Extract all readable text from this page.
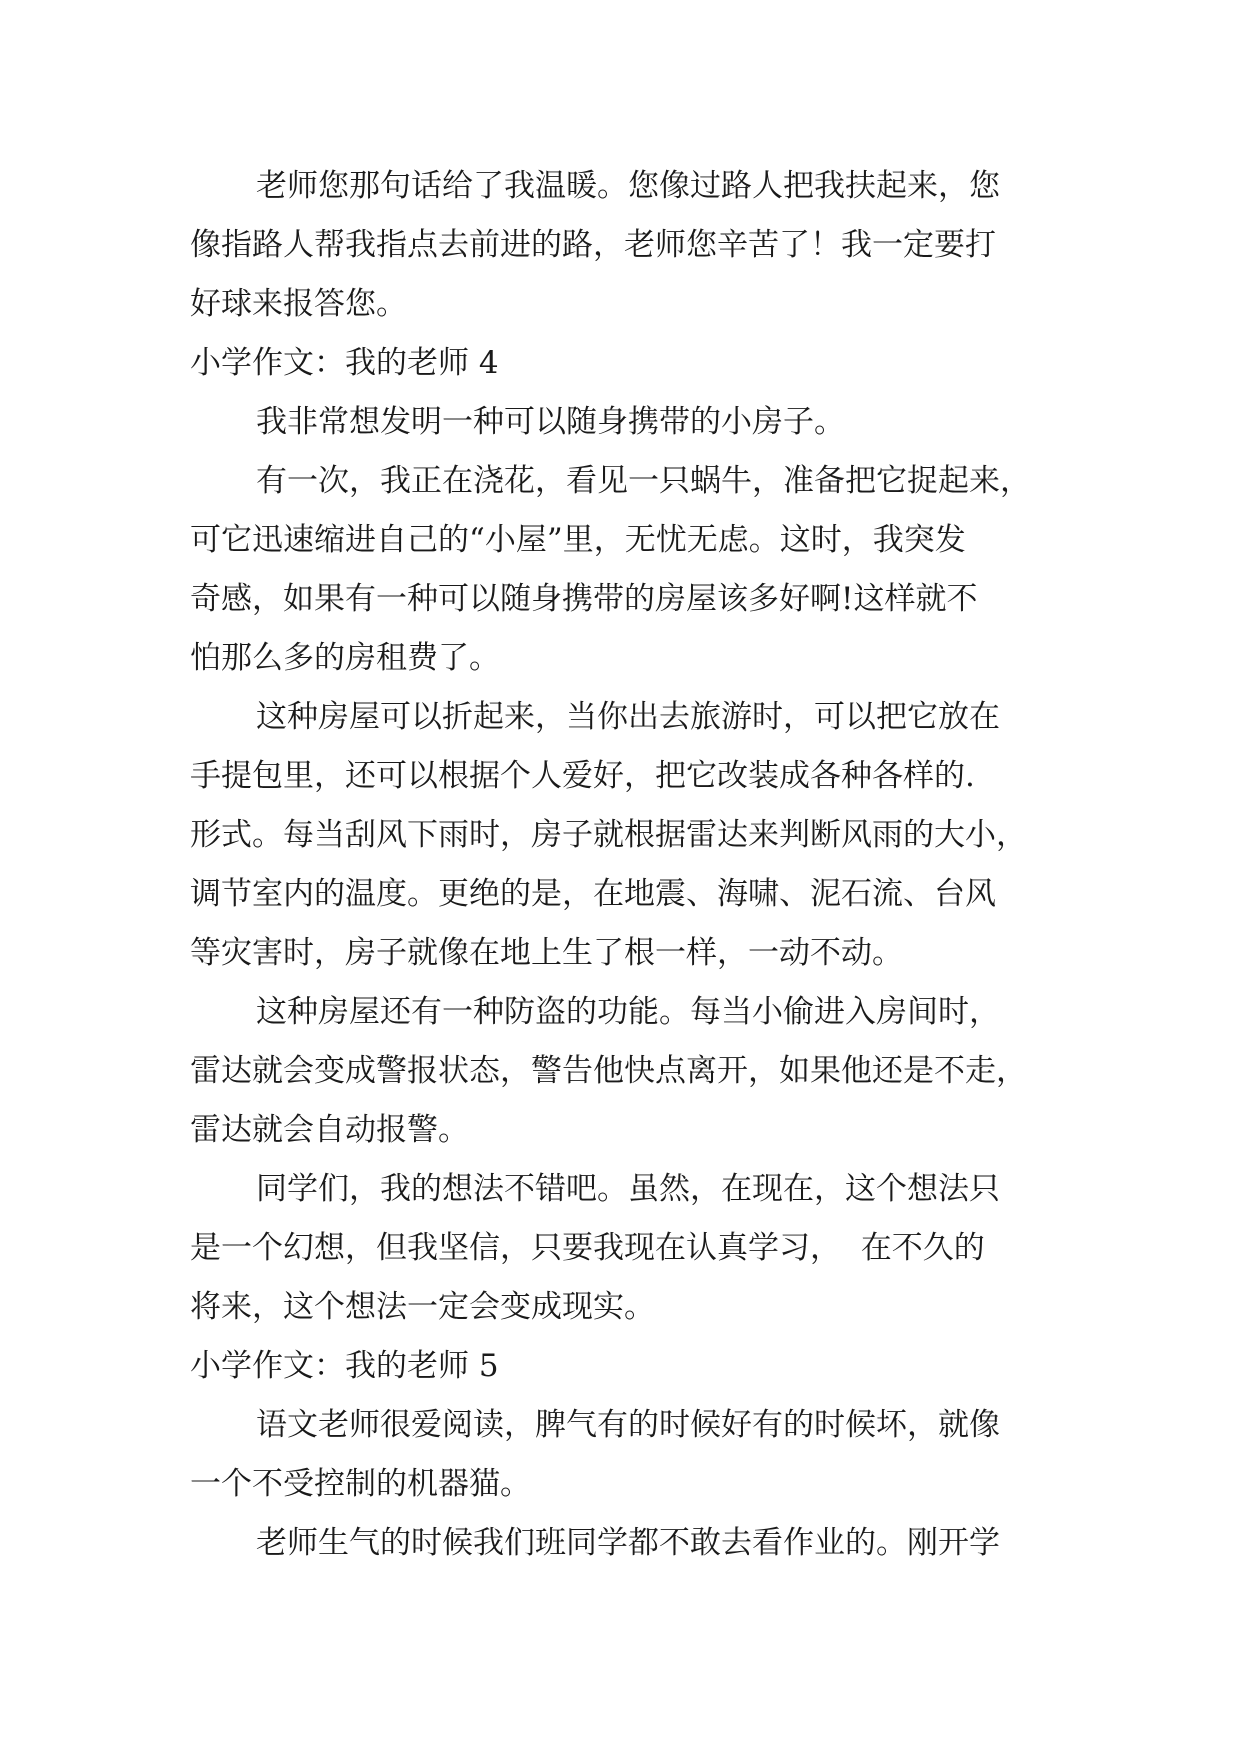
老师您那句话给了我温暖。您像过路人把我扶起来，您
像指路人帮我指点去前进的路，老师您辛苦了！我一定要打
好球来报答您。
小学作文：我的老师 4
我非常想发明一种可以随身携带的小房子。
有一次，我正在浇花，看见一只蜗牛，准备把它捉起来，
可它迅速缩进自己的“小屋”里，无忧无虑。这时，我突发
奇感，如果有一种可以随身携带的房屋该多好啊!这样就不
怕那么多的房租费了。
这种房屋可以折起来，当你出去旅游时，可以把它放在
手提包里，还可以根据个人爱好，把它改装成各种各样的.
形式。每当刮风下雨时，房子就根据雷达来判断风雨的大小，
调节室内的温度。更绝的是，在地震、海啸、泥石流、台风
等灾害时，房子就像在地上生了根一样，一动不动。
这种房屋还有一种防盗的功能。每当小偷进入房间时，
雷达就会变成警报状态，警告他快点离开，如果他还是不走，
雷达就会自动报警。
同学们，我的想法不错吧。虽然，在现在，这个想法只
是一个幻想，但我坚信，只要我现在认真学习，  在不久的
将来，这个想法一定会变成现实。
小学作文：我的老师 5
语文老师很爱阅读，脾气有的时候好有的时候坏，就像
一个不受控制的机器猫。
老师生气的时候我们班同学都不敢去看作业的。刚开学
